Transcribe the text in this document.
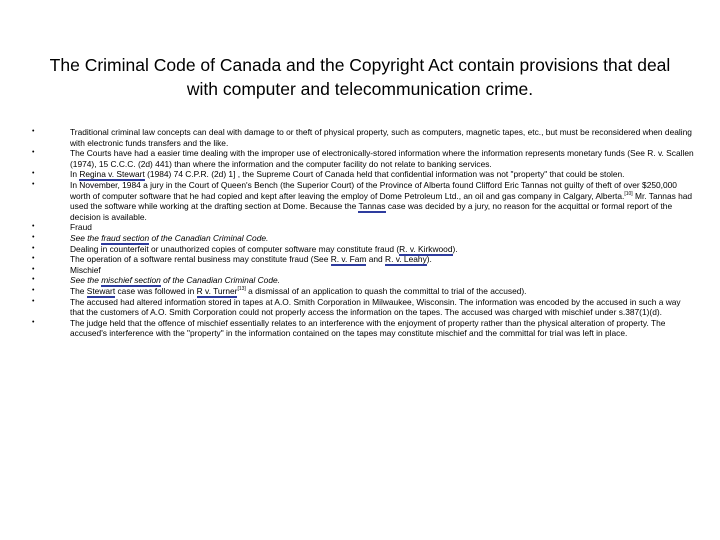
The Criminal Code of Canada and the Copyright Act contain provisions that deal with computer and telecommunication crime.
• Traditional criminal law concepts can deal with damage to or theft of physical property, such as computers, magnetic tapes, etc., but must be reconsidered when dealing with electronic funds transfers and the like.
• The Courts have had a easier time dealing with the improper use of electronically-stored information where the information represents monetary funds (See R. v. Scallen (1974), 15 C.C.C. (2d) 441) than where the information and the computer facility do not relate to banking services.
• In Regina v. Stewart (1984) 74 C.P.R. (2d) 1] , the Supreme Court of Canada held that confidential information was not "property" that could be stolen.
• In November, 1984 a jury in the Court of Queen's Bench (the Superior Court) of the Province of Alberta found Clifford Eric Tannas not guilty of theft of over $250,000 worth of computer software that he had copied and kept after leaving the employ of Dome Petroleum Ltd., an oil and gas company in Calgary, Alberta.[10] Mr. Tannas had used the software while working at the drafting section at Dome. Because the Tannas case was decided by a jury, no reason for the acquittal or formal report of the decision is available.
• Fraud
• See the fraud section of the Canadian Criminal Code.
• Dealing in counterfeit or unauthorized copies of computer software may constitute fraud (R. v. Kirkwood).
• The operation of a software rental business may constitute fraud (See R. v. Fam and R. v. Leahy).
• Mischief
• See the mischief section of the Canadian Criminal Code.
• The Stewart case was followed in R v. Turner[13] a dismissal of an application to quash the committal to trial of the accused).
• The accused had altered information stored in tapes at A.O. Smith Corporation in Milwaukee, Wisconsin. The information was encoded by the accused in such a way that the customers of A.O. Smith Corporation could not properly access the information on the tapes. The accused was charged with mischief under s.387(1)(d).
• The judge held that the offence of mischief essentially relates to an interference with the enjoyment of property rather than the physical alteration of property. The accused's interference with the "property" in the information contained on the tapes may constitute mischief and the committal for trial was left in place.
